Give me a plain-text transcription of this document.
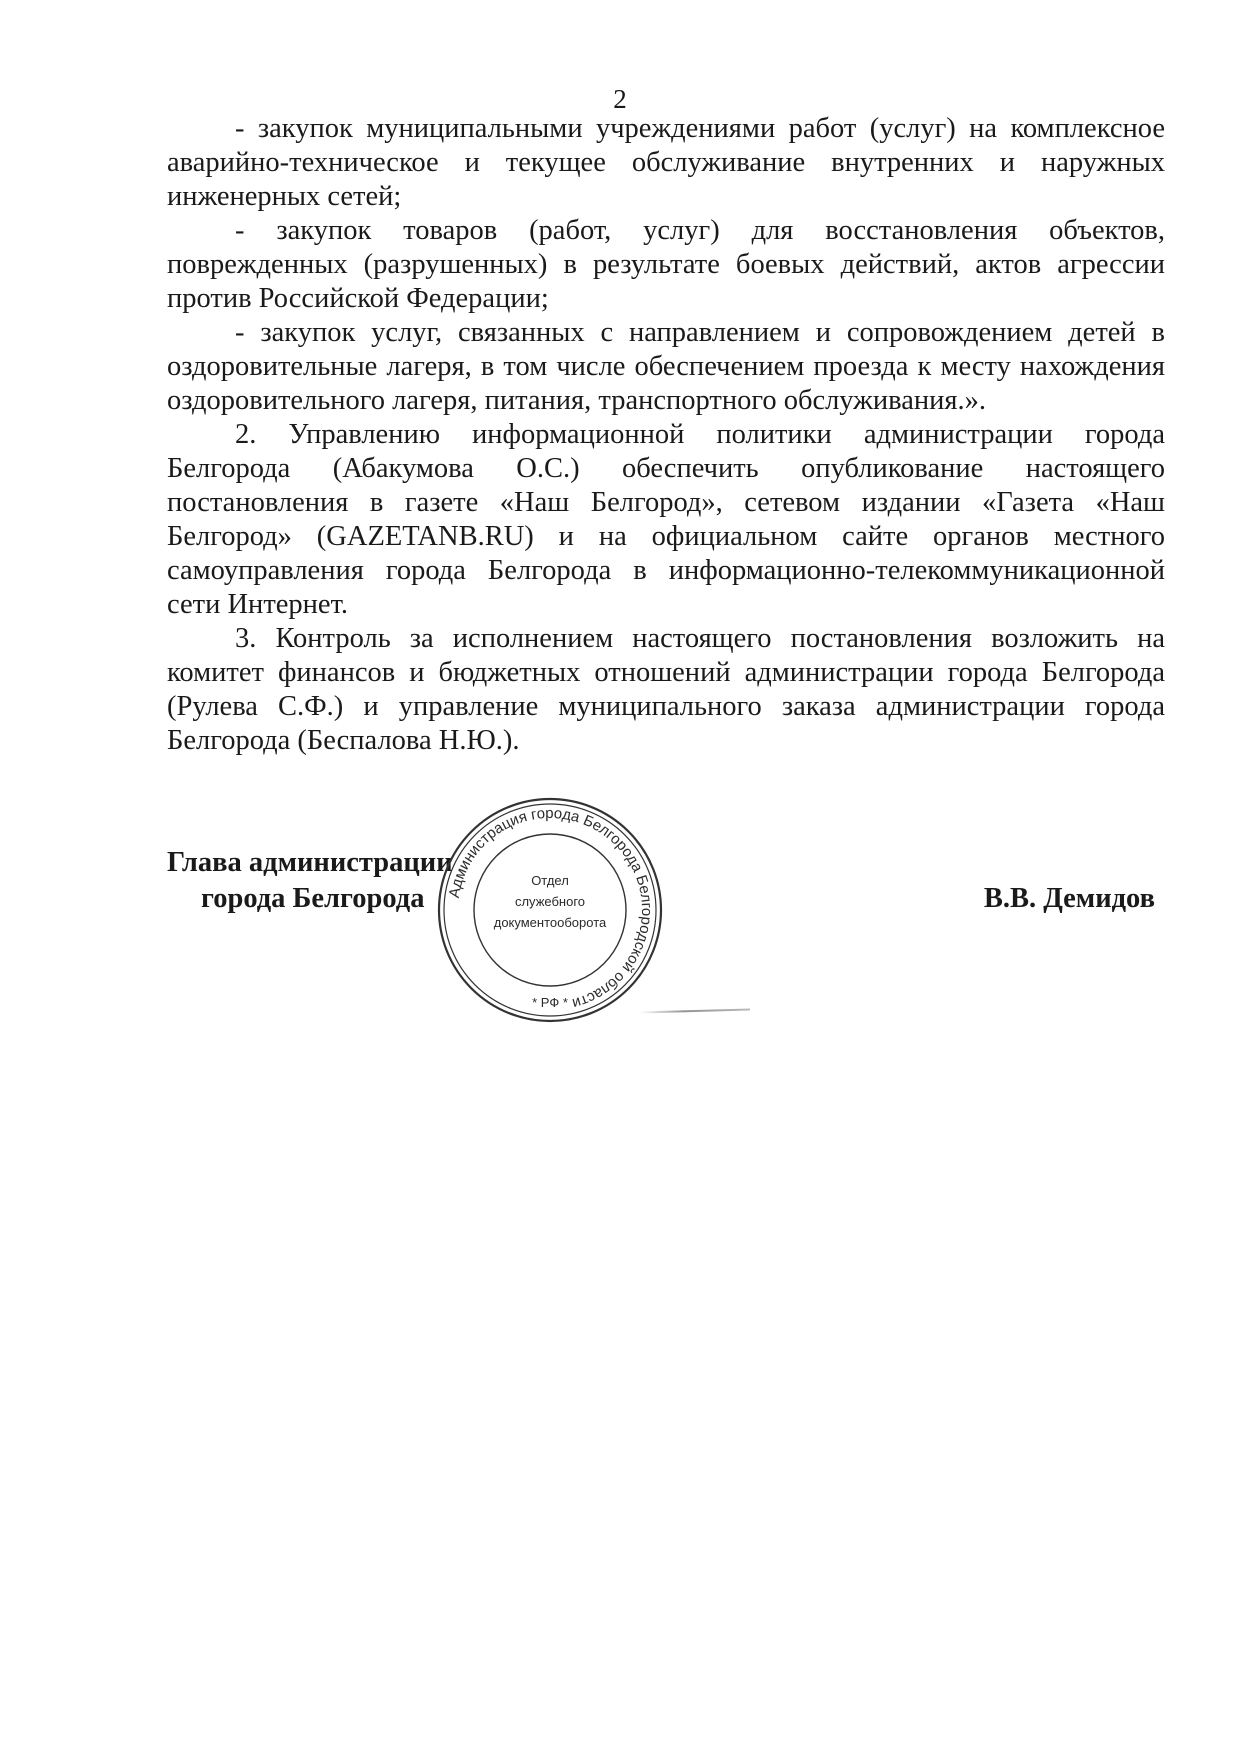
2

- закупок муниципальными учреждениями работ (услуг) на комплексное аварийно-техническое и текущее обслуживание внутренних и наружных инженерных сетей;

- закупок товаров (работ, услуг) для восстановления объектов, поврежденных (разрушенных) в результате боевых действий, актов агрессии против Российской Федерации;

- закупок услуг, связанных с направлением и сопровождением детей в оздоровительные лагеря, в том числе обеспечением проезда к месту нахождения оздоровительного лагеря, питания, транспортного обслуживания.».

2. Управлению информационной политики администрации города Белгорода (Абакумова О.С.) обеспечить опубликование настоящего постановления в газете «Наш Белгород», сетевом издании «Газета «Наш Белгород» (GAZETANB.RU) и на официальном сайте органов местного самоуправления города Белгорода в информационно-телекоммуникационной сети Интернет.

3. Контроль за исполнением настоящего постановления возложить на комитет финансов и бюджетных отношений администрации города Белгорода (Рулева С.Ф.) и управление муниципального заказа администрации города Белгорода (Беспалова Н.Ю.).

Глава администрации
города Белгорода	В.В. Демидов
Администрация города Белгорода Белгородской области
Отдел
служебного
документооборота
* РФ *
